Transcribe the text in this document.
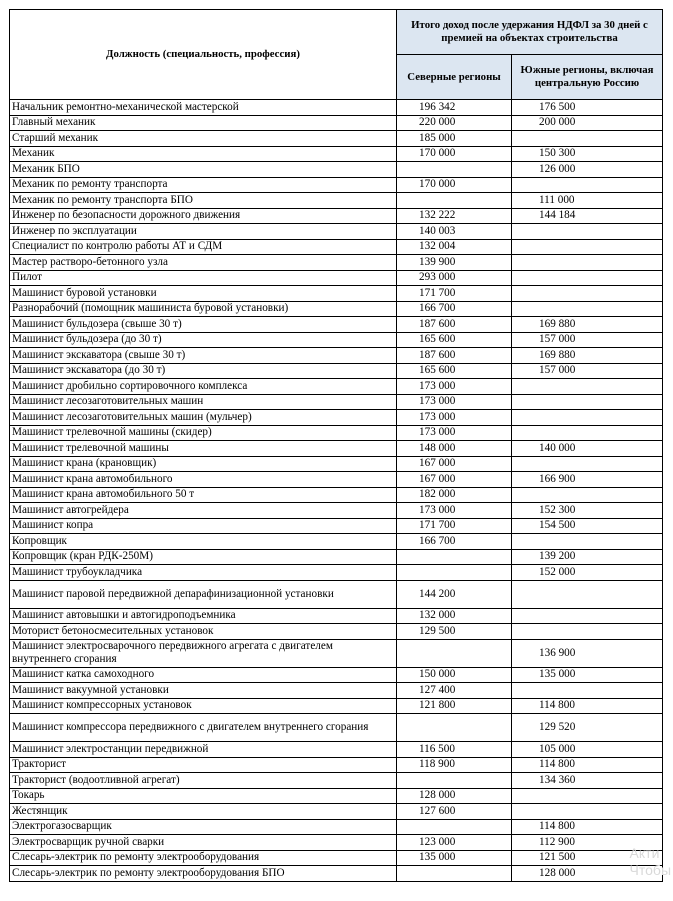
Должность (специальность, профессия)	Итого доход после удержания НДФЛ за 30 дней с премией на объектах строительства	
	Северные регионы	Южные регионы, включая центральную Россию
Начальник ремонтно-механической мастерской	196 342	176 500
Главный механик	220 000	200 000
Старший механик	185 000	
Механик	170 000	150 300
Механик БПО		126 000
Механик по ремонту транспорта	170 000	
Механик по ремонту транспорта БПО		111 000
Инженер по безопасности дорожного движения	132 222	144 184
Инженер по эксплуатации	140 003	
Специалист по контролю работы АТ и СДМ	132 004	
Мастер растворо-бетонного узла	139 900	
Пилот	293 000	
Машинист буровой установки	171 700	
Разнорабочий (помощник машиниста буровой установки)	166 700	
Машинист бульдозера (свыше 30 т)	187 600	169 880
Машинист бульдозера (до 30 т)	165 600	157 000
Машинист экскаватора (свыше 30 т)	187 600	169 880
Машинист экскаватора (до 30 т)	165 600	157 000
Машинист дробильно сортировочного комплекса	173 000	
Машинист лесозаготовительных машин	173 000	
Машинист лесозаготовительных машин (мульчер)	173 000	
Машинист трелевочной машины (скидер)	173 000	
Машинист трелевочной машины	148 000	140 000
Машинист крана (крановщик)	167 000	
Машинист крана автомобильного	167 000	166 900
Машинист крана автомобильного 50 т	182 000	
Машинист автогрейдера	173 000	152 300
Машинист копра	171 700	154 500
Копровщик	166 700	
Копровщик (кран РДК-250М)		139 200
Машинист трубоукладчика		152 000
Машинист паровой передвижной депарафинизационной установки	144 200	
Машинист автовышки и автогидроподъемника	132 000	
Моторист бетоносмесительных установок	129 500	
Машинист электросварочного передвижного агрегата с двигателем внутреннего сгорания		136 900
Машинист катка самоходного	150 000	135 000
Машинист вакуумной установки	127 400	
Машинист компрессорных установок	121 800	114 800
Машинист компрессора передвижного с двигателем внутреннего сгорания		129 520
Машинист электростанции передвижной	116 500	105 000
Тракторист	118 900	114 800
Тракторист (водоотливной агрегат)		134 360
Токарь	128 000	
Жестянщик	127 600	
Электрогазосварщик		114 800
Электросварщик ручной сварки	123 000	112 900
Слесарь-электрик по ремонту электрооборудования	135 000	121 500
Слесарь-электрик по ремонту электрооборудования БПО		128 000
Акти
Чтобы
